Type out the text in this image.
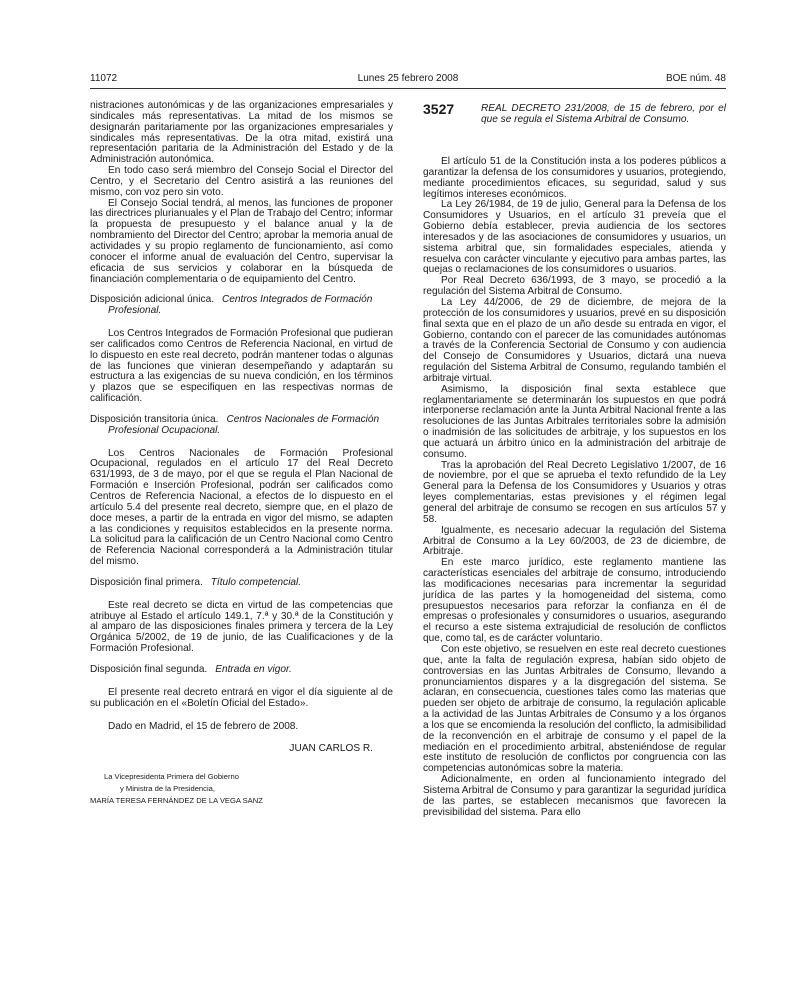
11072	Lunes 25 febrero 2008	BOE núm. 48

nistraciones autonómicas y de las organizaciones empresariales y sindicales más representativas. La mitad de los mismos se designarán paritariamente por las organizaciones empresariales y sindicales más representativas. De la otra mitad, existirá una representación paritaria de la Administración del Estado y de la Administración autonómica.

En todo caso será miembro del Consejo Social el Director del Centro, y el Secretario del Centro asistirá a las reuniones del mismo, con voz pero sin voto.

El Consejo Social tendrá, al menos, las funciones de proponer las directrices plurianuales y el Plan de Trabajo del Centro; informar la propuesta de presupuesto y el balance anual y la de nombramiento del Director del Centro; aprobar la memoria anual de actividades y su propio reglamento de funcionamiento, así como conocer el informe anual de evaluación del Centro, supervisar la eficacia de sus servicios y colaborar en la búsqueda de financiación complementaria o de equipamiento del Centro.

Disposición adicional única. Centros Integrados de Formación Profesional.

Los Centros Integrados de Formación Profesional que pudieran ser calificados como Centros de Referencia Nacional, en virtud de lo dispuesto en este real decreto, podrán mantener todas o algunas de las funciones que vinieran desempeñando y adaptarán su estructura a las exigencias de su nueva condición, en los términos y plazos que se especifiquen en las respectivas normas de calificación.

Disposición transitoria única. Centros Nacionales de Formación Profesional Ocupacional.

Los Centros Nacionales de Formación Profesional Ocupacional, regulados en el artículo 17 del Real Decreto 631/1993, de 3 de mayo, por el que se regula el Plan Nacional de Formación e Inserción Profesional, podrán ser calificados como Centros de Referencia Nacional, a efectos de lo dispuesto en el artículo 5.4 del presente real decreto, siempre que, en el plazo de doce meses, a partir de la entrada en vigor del mismo, se adapten a las condiciones y requisitos establecidos en la presente norma. La solicitud para la calificación de un Centro Nacional como Centro de Referencia Nacional corresponderá a la Administración titular del mismo.

Disposición final primera. Título competencial.

Este real decreto se dicta en virtud de las competencias que atribuye al Estado el artículo 149.1, 7.ª y 30.ª de la Constitución y al amparo de las disposiciones finales primera y tercera de la Ley Orgánica 5/2002, de 19 de junio, de las Cualificaciones y de la Formación Profesional.

Disposición final segunda. Entrada en vigor.

El presente real decreto entrará en vigor el día siguiente al de su publicación en el «Boletín Oficial del Estado».

Dado en Madrid, el 15 de febrero de 2008.

JUAN CARLOS R.

La Vicepresidenta Primera del Gobierno
y Ministra de la Presidencia,
MARÍA TERESA FERNÁNDEZ DE LA VEGA SANZ
3527	REAL DECRETO 231/2008, de 15 de febrero, por el que se regula el Sistema Arbitral de Consumo.

El artículo 51 de la Constitución insta a los poderes públicos a garantizar la defensa de los consumidores y usuarios, protegiendo, mediante procedimientos eficaces, su seguridad, salud y sus legítimos intereses económicos.

La Ley 26/1984, de 19 de julio, General para la Defensa de los Consumidores y Usuarios, en el artículo 31 preveía que el Gobierno debía establecer, previa audiencia de los sectores interesados y de las asociaciones de consumidores y usuarios, un sistema arbitral que, sin formalidades especiales, atienda y resuelva con carácter vinculante y ejecutivo para ambas partes, las quejas o reclamaciones de los consumidores o usuarios.

Por Real Decreto 636/1993, de 3 mayo, se procedió a la regulación del Sistema Arbitral de Consumo.

La Ley 44/2006, de 29 de diciembre, de mejora de la protección de los consumidores y usuarios, prevé en su disposición final sexta que en el plazo de un año desde su entrada en vigor, el Gobierno, contando con el parecer de las comunidades autónomas a través de la Conferencia Sectorial de Consumo y con audiencia del Consejo de Consumidores y Usuarios, dictará una nueva regulación del Sistema Arbitral de Consumo, regulando también el arbitraje virtual.

Asimismo, la disposición final sexta establece que reglamentariamente se determinarán los supuestos en que podrá interponerse reclamación ante la Junta Arbitral Nacional frente a las resoluciones de las Juntas Arbitrales territoriales sobre la admisión o inadmisión de las solicitudes de arbitraje, y los supuestos en los que actuará un árbitro único en la administración del arbitraje de consumo.

Tras la aprobación del Real Decreto Legislativo 1/2007, de 16 de noviembre, por el que se aprueba el texto refundido de la Ley General para la Defensa de los Consumidores y Usuarios y otras leyes complementarias, estas previsiones y el régimen legal general del arbitraje de consumo se recogen en sus artículos 57 y 58.

Igualmente, es necesario adecuar la regulación del Sistema Arbitral de Consumo a la Ley 60/2003, de 23 de diciembre, de Arbitraje.

En este marco jurídico, este reglamento mantiene las características esenciales del arbitraje de consumo, introduciendo las modificaciones necesarias para incrementar la seguridad jurídica de las partes y la homogeneidad del sistema, como presupuestos necesarios para reforzar la confianza en él de empresas o profesionales y consumidores o usuarios, asegurando el recurso a este sistema extrajudicial de resolución de conflictos que, como tal, es de carácter voluntario.

Con este objetivo, se resuelven en este real decreto cuestiones que, ante la falta de regulación expresa, habían sido objeto de controversias en las Juntas Arbitrales de Consumo, llevando a pronunciamientos dispares y a la disgregación del sistema. Se aclaran, en consecuencia, cuestiones tales como las materias que pueden ser objeto de arbitraje de consumo, la regulación aplicable a la actividad de las Juntas Arbitrales de Consumo y a los órganos a los que se encomienda la resolución del conflicto, la admisibilidad de la reconvención en el arbitraje de consumo y el papel de la mediación en el procedimiento arbitral, absteniéndose de regular este instituto de resolución de conflictos por congruencia con las competencias autonómicas sobre la materia.

Adicionalmente, en orden al funcionamiento integrado del Sistema Arbitral de Consumo y para garantizar la seguridad jurídica de las partes, se establecen mecanismos que favorecen la previsibilidad del sistema. Para ello
